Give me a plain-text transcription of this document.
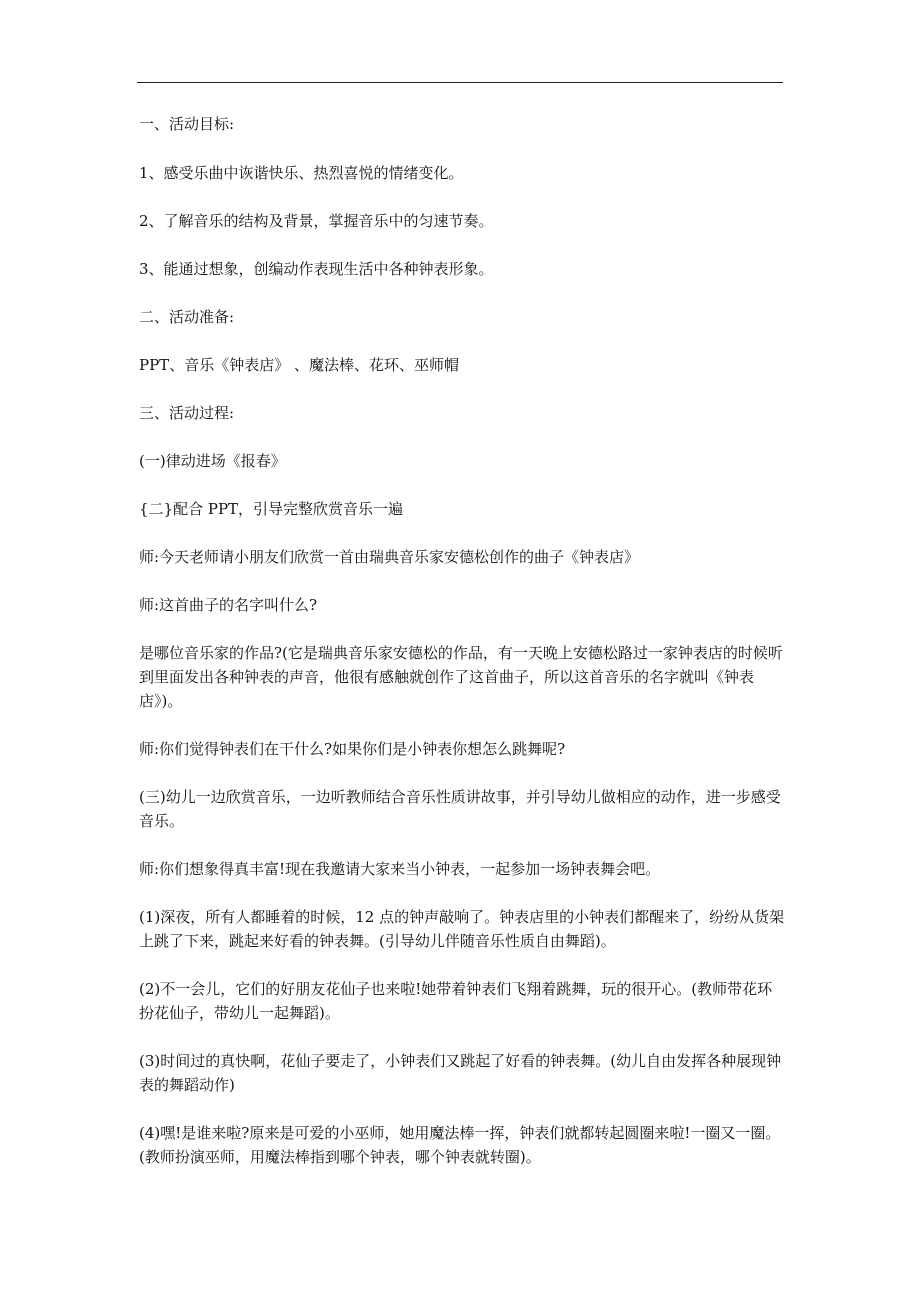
一、活动目标:

1、感受乐曲中诙谐快乐、热烈喜悦的情绪变化。

2、了解音乐的结构及背景，掌握音乐中的匀速节奏。

3、能通过想象，创编动作表现生活中各种钟表形象。

二、活动准备:

PPT、音乐《钟表店》 、魔法棒、花环、巫师帽

三、活动过程:

(一)律动进场《报春》

{二}配合 PPT，引导完整欣赏音乐一遍

师:今天老师请小朋友们欣赏一首由瑞典音乐家安德松创作的曲子《钟表店》

师:这首曲子的名字叫什么?

是哪位音乐家的作品?(它是瑞典音乐家安德松的作品，有一天晚上安德松路过一家钟表店的时候听到里面发出各种钟表的声音，他很有感触就创作了这首曲子，所以这首音乐的名字就叫《钟表店》)。

师:你们觉得钟表们在干什么?如果你们是小钟表你想怎么跳舞呢?

(三)幼儿一边欣赏音乐，一边听教师结合音乐性质讲故事，并引导幼儿做相应的动作，进一步感受音乐。

师:你们想象得真丰富!现在我邀请大家来当小钟表，一起参加一场钟表舞会吧。

(1)深夜，所有人都睡着的时候，12 点的钟声敲响了。钟表店里的小钟表们都醒来了，纷纷从货架上跳了下来，跳起来好看的钟表舞。(引导幼儿伴随音乐性质自由舞蹈)。

(2)不一会儿，它们的好朋友花仙子也来啦!她带着钟表们飞翔着跳舞，玩的很开心。(教师带花环扮花仙子，带幼儿一起舞蹈)。

(3)时间过的真快啊，花仙子要走了，小钟表们又跳起了好看的钟表舞。(幼儿自由发挥各种展现钟表的舞蹈动作)

(4)嘿!是谁来啦?原来是可爱的小巫师，她用魔法棒一挥，钟表们就都转起圆圈来啦!一圈又一圈。(教师扮演巫师，用魔法棒指到哪个钟表，哪个钟表就转圈)。
